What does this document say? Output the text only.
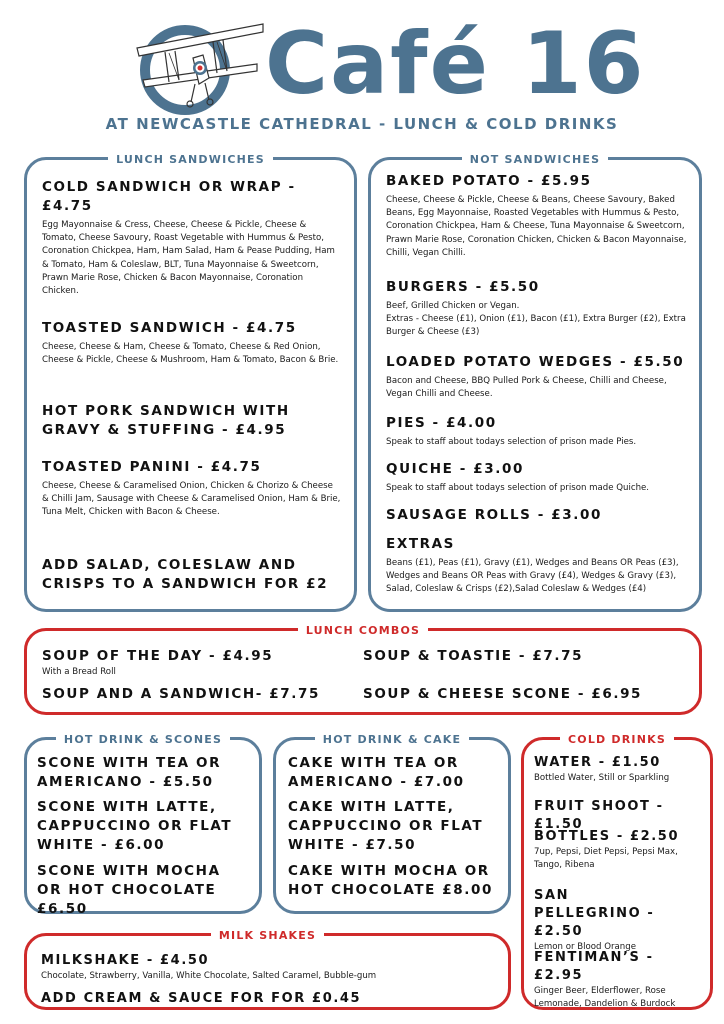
Café 16
AT NEWCASTLE CATHEDRAL - LUNCH & COLD DRINKS
LUNCH SANDWICHES

COLD SANDWICH OR WRAP - £4.75

Egg Mayonnaise & Cress, Cheese, Cheese & Pickle, Cheese & Tomato, Cheese Savoury, Roast Vegetable with Hummus & Pesto, Coronation Chickpea, Ham, Ham Salad, Ham & Pease Pudding, Ham & Tomato, Ham & Coleslaw, BLT, Tuna Mayonnaise & Sweetcorn, Prawn Marie Rose, Chicken & Bacon Mayonnaise, Coronation Chicken.

TOASTED SANDWICH - £4.75

Cheese, Cheese & Ham, Cheese & Tomato, Cheese & Red Onion, Cheese & Pickle, Cheese & Mushroom, Ham & Tomato, Bacon & Brie.

HOT PORK SANDWICH WITH GRAVY & STUFFING - £4.95

TOASTED PANINI - £4.75

Cheese, Cheese & Caramelised Onion, Chicken & Chorizo & Cheese & Chilli Jam, Sausage with Cheese & Caramelised Onion, Ham & Brie, Tuna Melt, Chicken with Bacon & Cheese.

ADD SALAD, COLESLAW AND CRISPS TO A SANDWICH FOR £2

NOT SANDWICHES

BAKED POTATO - £5.95

Cheese, Cheese & Pickle, Cheese & Beans, Cheese Savoury, Baked Beans, Egg Mayonnaise, Roasted Vegetables with Hummus & Pesto, Coronation Chickpea, Ham & Cheese, Tuna Mayonnaise & Sweetcorn, Prawn Marie Rose, Coronation Chicken, Chicken & Bacon Mayonnaise, Chilli, Vegan Chilli.

BURGERS - £5.50

Beef, Grilled Chicken or Vegan.

Extras - Cheese (£1), Onion (£1), Bacon (£1), Extra Burger (£2), Extra Burger & Cheese (£3)

LOADED POTATO WEDGES - £5.50

Bacon and Cheese, BBQ Pulled Pork & Cheese, Chilli and Cheese, Vegan Chilli and Cheese.

PIES - £4.00

Speak to staff about todays selection of prison made Pies.

QUICHE - £3.00

Speak to staff about todays selection of prison made Quiche.

SAUSAGE ROLLS - £3.00

EXTRAS

Beans (£1), Peas (£1), Gravy (£1), Wedges and Beans OR Peas (£3), Wedges and Beans OR Peas with Gravy (£4), Wedges & Gravy (£3), Salad, Coleslaw & Crisps (£2),Salad Coleslaw & Wedges (£4)

LUNCH COMBOS

SOUP OF THE DAY - £4.95

With a Bread Roll

SOUP & TOASTIE - £7.75

SOUP AND A SANDWICH- £7.75	SOUP & CHEESE SCONE - £6.95

HOT DRINK & SCONES

SCONE WITH TEA OR AMERICANO - £5.50

SCONE WITH LATTE, CAPPUCCINO OR FLAT WHITE - £6.00

SCONE WITH MOCHA OR HOT CHOCOLATE £6.50

HOT DRINK & CAKE

CAKE WITH TEA OR AMERICANO - £7.00

CAKE WITH LATTE, CAPPUCCINO OR FLAT WHITE - £7.50

CAKE WITH MOCHA OR HOT CHOCOLATE £8.00

COLD DRINKS

WATER - £1.50

Bottled Water, Still or Sparkling

FRUIT SHOOT - £1.50

BOTTLES - £2.50

7up, Pepsi, Diet Pepsi, Pepsi Max, Tango, Ribena

SAN PELLEGRINO - £2.50

Lemon or Blood Orange

FENTIMAN’S - £2.95

Ginger Beer, Elderflower, Rose Lemonade, Dandelion & Burdock

MILK SHAKES

MILKSHAKE - £4.50

Chocolate, Strawberry, Vanilla, White Chocolate, Salted Caramel, Bubble-gum

ADD CREAM & SAUCE FOR FOR £0.45
